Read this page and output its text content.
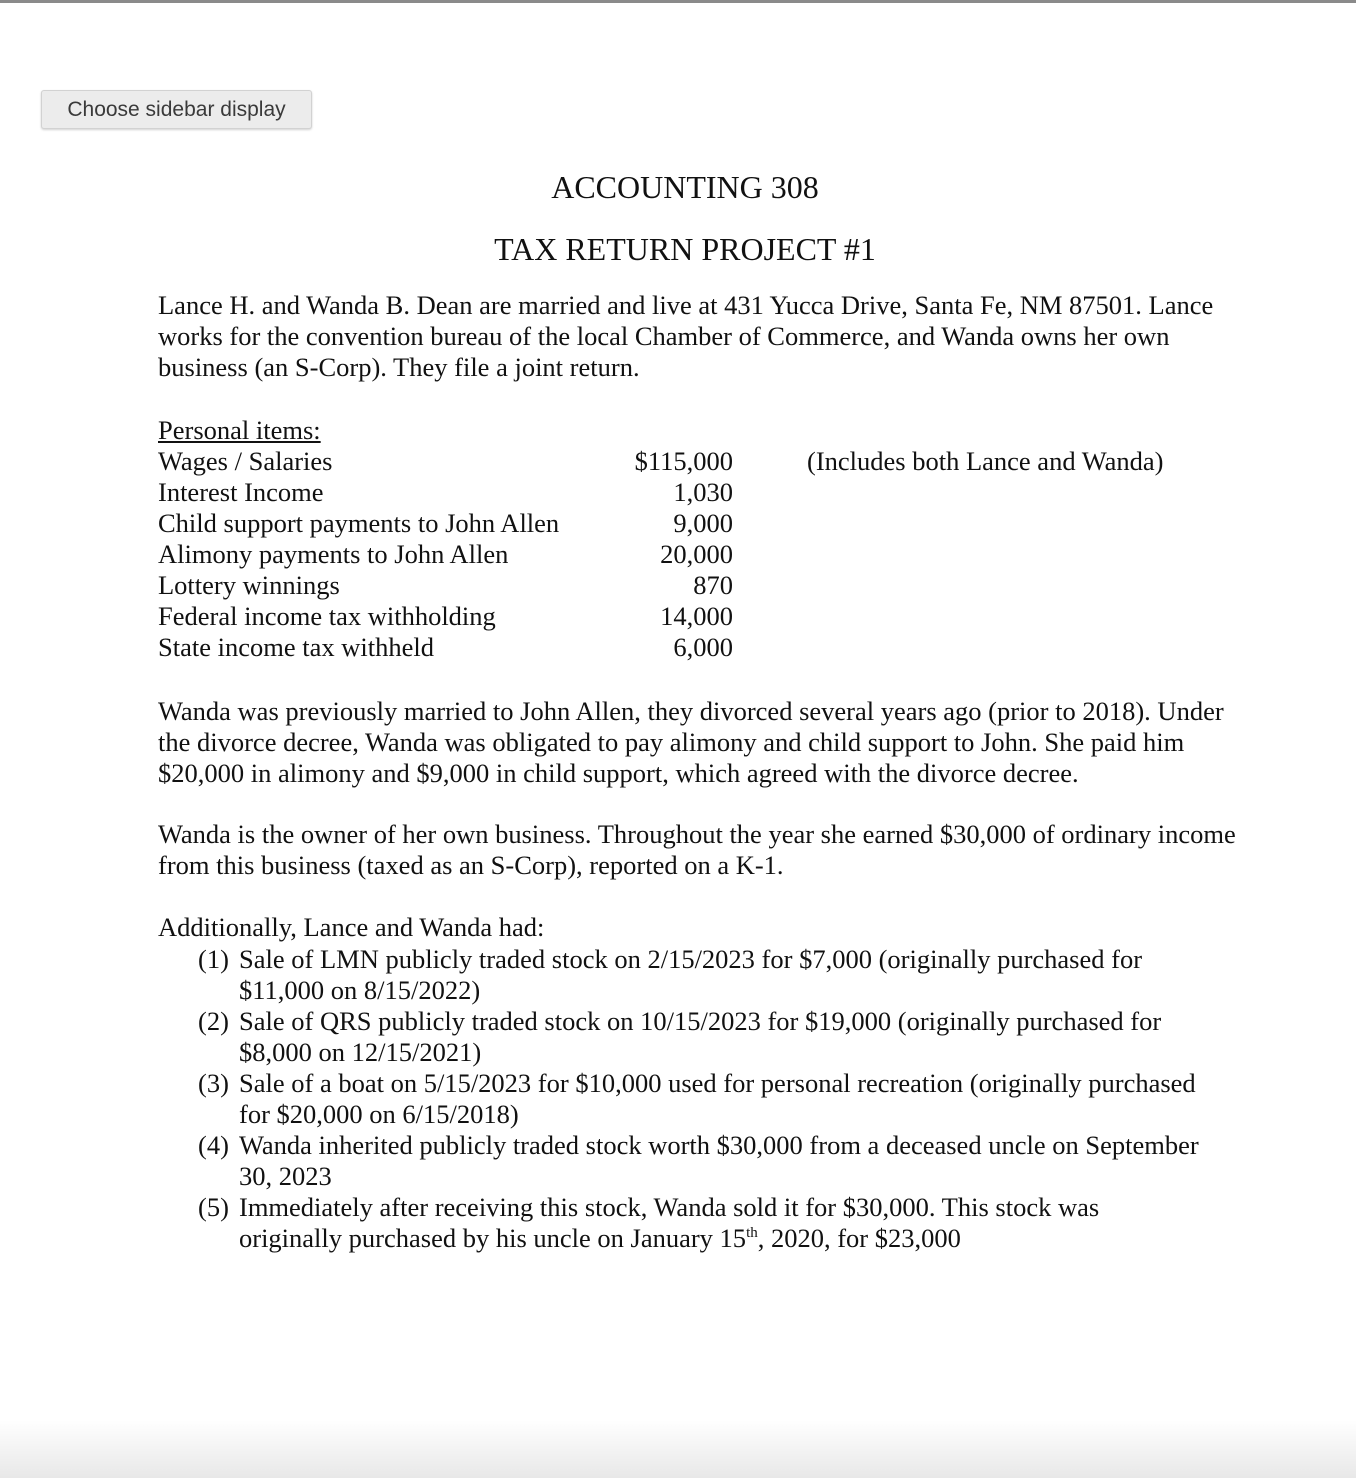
Choose sidebar display
ACCOUNTING 308
TAX RETURN PROJECT #1

Lance H. and Wanda B. Dean are married and live at 431 Yucca Drive, Santa Fe, NM 87501. Lance works for the convention bureau of the local Chamber of Commerce, and Wanda owns her own business (an S-Corp). They file a joint return.

Personal items:

Wages / Salaries	$115,000	(Includes both Lance and Wanda)
Interest Income	1,030
Child support payments to John Allen	9,000
Alimony payments to John Allen	20,000
Lottery winnings	870
Federal income tax withholding	14,000
State income tax withheld	6,000

Wanda was previously married to John Allen, they divorced several years ago (prior to 2018). Under the divorce decree, Wanda was obligated to pay alimony and child support to John. She paid him $20,000 in alimony and $9,000 in child support, which agreed with the divorce decree.

Wanda is the owner of her own business. Throughout the year she earned $30,000 of ordinary income from this business (taxed as an S-Corp), reported on a K-1.

Additionally, Lance and Wanda had:

(1) Sale of LMN publicly traded stock on 2/15/2023 for $7,000 (originally purchased for $11,000 on 8/15/2022)
(2) Sale of QRS publicly traded stock on 10/15/2023 for $19,000 (originally purchased for $8,000 on 12/15/2021)
(3) Sale of a boat on 5/15/2023 for $10,000 used for personal recreation (originally purchased for $20,000 on 6/15/2018)
(4) Wanda inherited publicly traded stock worth $30,000 from a deceased uncle on September 30, 2023
(5) Immediately after receiving this stock, Wanda sold it for $30,000. This stock was originally purchased by his uncle on January 15th, 2020, for $23,000
